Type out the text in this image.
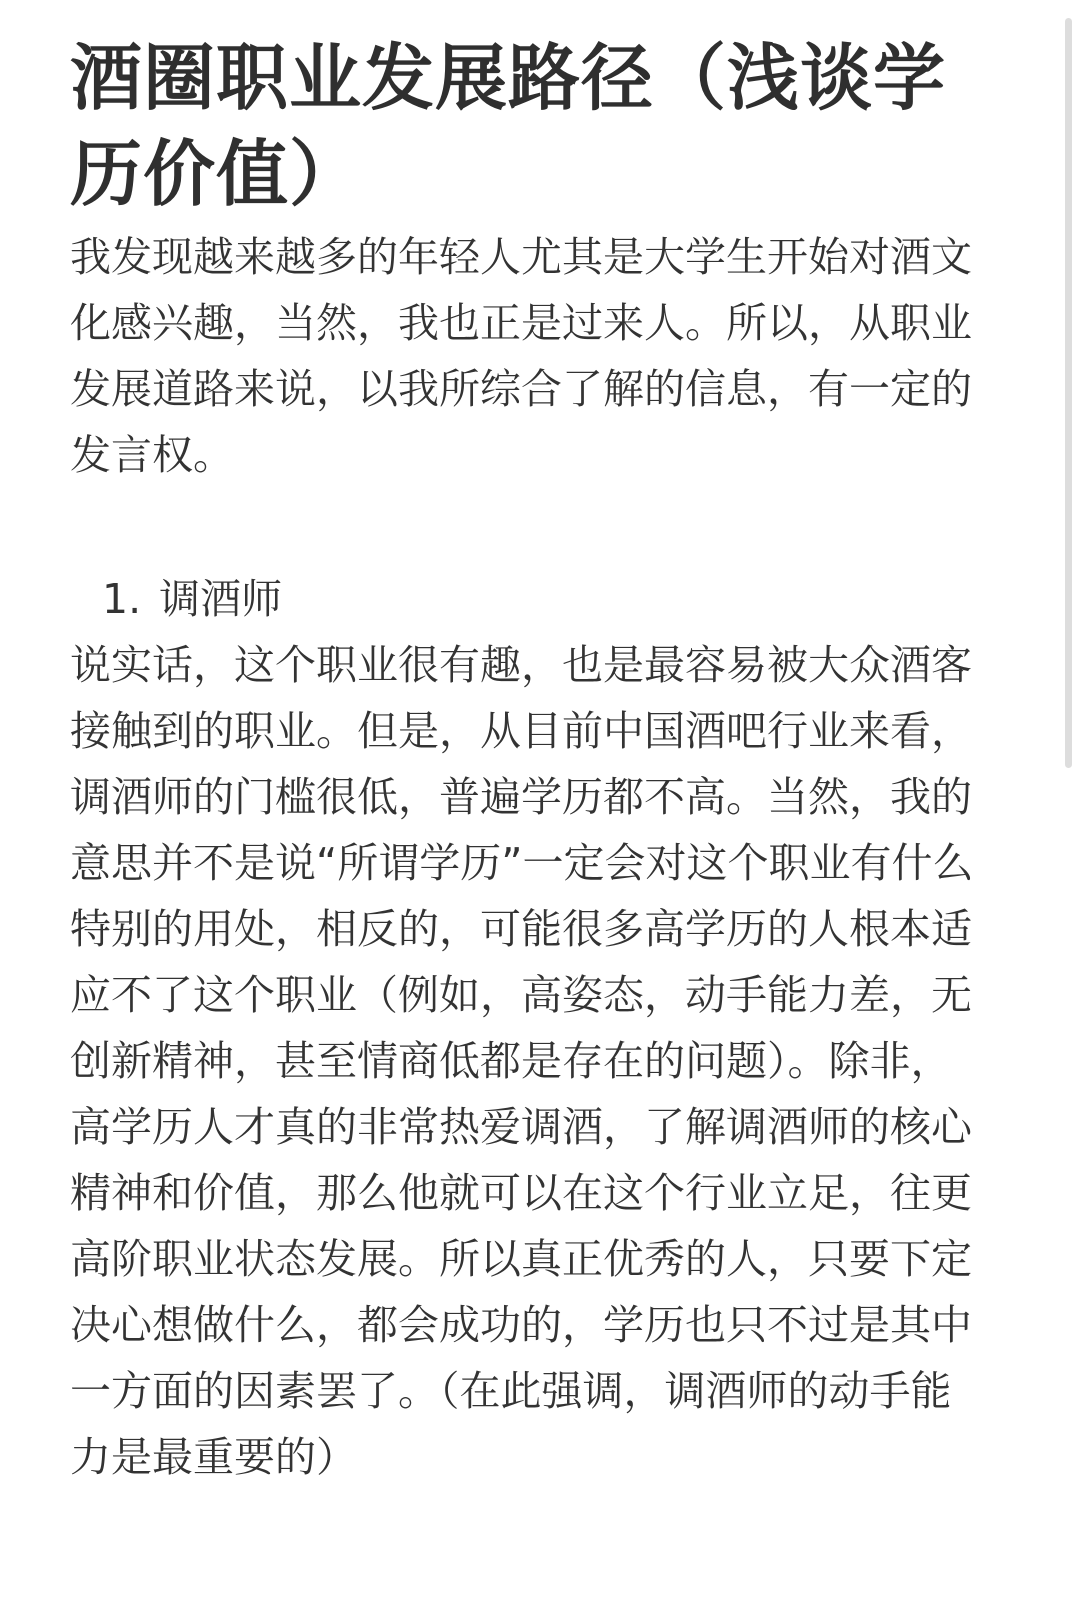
酒圈职业发展路径（浅谈学历价值）

我发现越来越多的年轻人尤其是大学生开始对酒文化感兴趣，当然，我也正是过来人。所以，从职业发展道路来说，以我所综合了解的信息，有一定的发言权。

1. 调酒师

说实话，这个职业很有趣，也是最容易被大众酒客接触到的职业。但是，从目前中国酒吧行业来看，调酒师的门槛很低，普遍学历都不高。当然，我的意思并不是说“所谓学历”一定会对这个职业有什么特别的用处，相反的，可能很多高学历的人根本适应不了这个职业（例如，高姿态，动手能力差，无创新精神，甚至情商低都是存在的问题）。除非，高学历人才真的非常热爱调酒，了解调酒师的核心精神和价值，那么他就可以在这个行业立足，往更高阶职业状态发展。所以真正优秀的人，只要下定决心想做什么，都会成功的，学历也只不过是其中一方面的因素罢了。（在此强调，调酒师的动手能力是最重要的）
